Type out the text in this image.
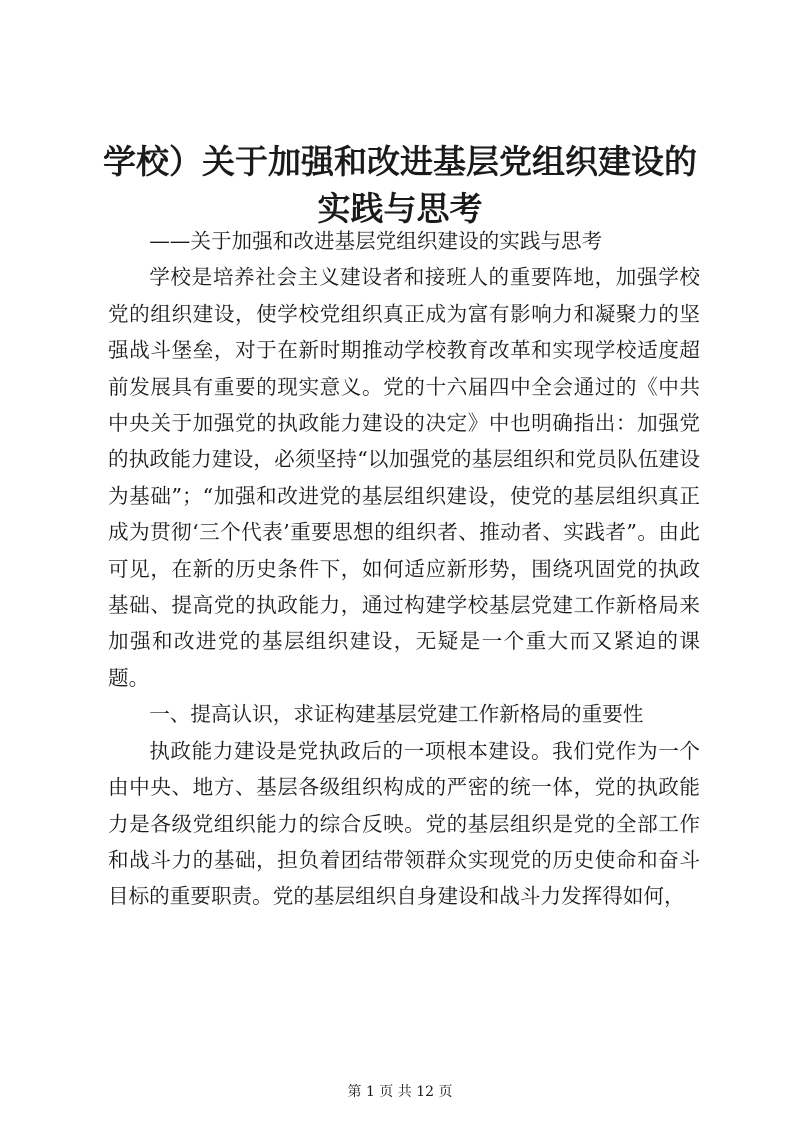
学校）关于加强和改进基层党组织建设的实践与思考

——关于加强和改进基层党组织建设的实践与思考

学校是培养社会主义建设者和接班人的重要阵地，加强学校党的组织建设，使学校党组织真正成为富有影响力和凝聚力的坚强战斗堡垒，对于在新时期推动学校教育改革和实现学校适度超前发展具有重要的现实意义。党的十六届四中全会通过的《中共中央关于加强党的执政能力建设的决定》中也明确指出：加强党的执政能力建设，必须坚持“以加强党的基层组织和党员队伍建设为基础”；“加强和改进党的基层组织建设，使党的基层组织真正成为贯彻‘三个代表’重要思想的组织者、推动者、实践者”。由此可见，在新的历史条件下，如何适应新形势，围绕巩固党的执政基础、提高党的执政能力，通过构建学校基层党建工作新格局来加强和改进党的基层组织建设，无疑是一个重大而又紧迫的课题。

一、提高认识，求证构建基层党建工作新格局的重要性

执政能力建设是党执政后的一项根本建设。我们党作为一个由中央、地方、基层各级组织构成的严密的统一体，党的执政能力是各级党组织能力的综合反映。党的基层组织是党的全部工作和战斗力的基础，担负着团结带领群众实现党的历史使命和奋斗目标的重要职责。党的基层组织自身建设和战斗力发挥得如何，

第 1 页 共 12 页
